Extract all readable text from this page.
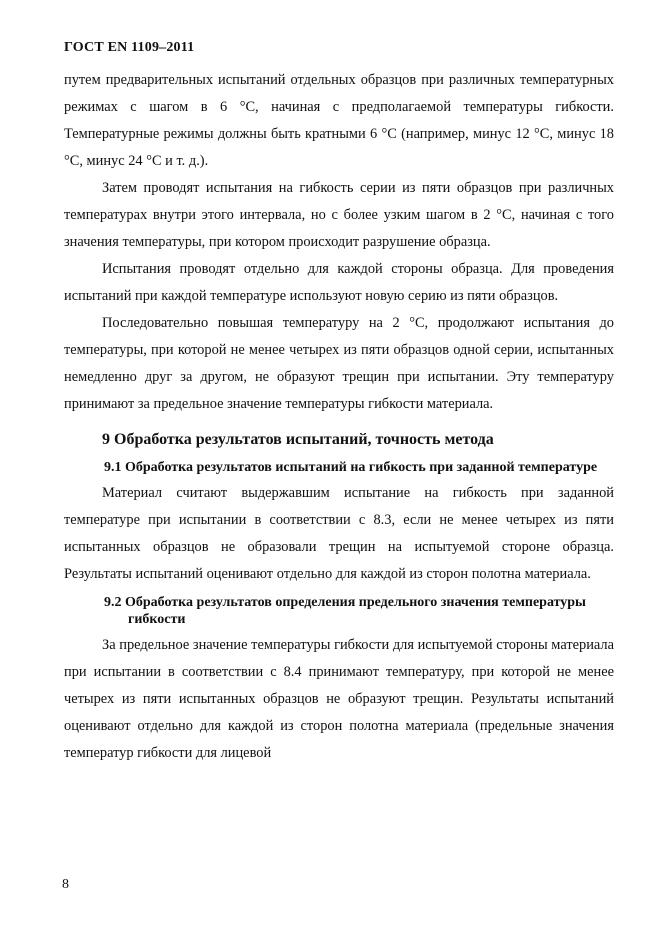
ГОСТ EN 1109–2011

путем предварительных испытаний отдельных образцов при различных температурных режимах с шагом в 6 °С, начиная с предполагаемой температуры гибкости. Температурные режимы должны быть кратными 6 °С (например, минус 12 °С, минус 18 °С, минус 24 °С и т. д.).

Затем проводят испытания на гибкость серии из пяти образцов при различных температурах внутри этого интервала, но с более узким шагом в 2 °С, начиная с того значения температуры, при котором происходит разрушение образца.

Испытания проводят отдельно для каждой стороны образца. Для проведения испытаний при каждой температуре используют новую серию из пяти образцов.

Последовательно повышая температуру на 2 °С, продолжают испытания до температуры, при которой не менее четырех из пяти образцов одной серии, испытанных немедленно друг за другом, не образуют трещин при испытании. Эту температуру принимают за предельное значение температуры гибкости материала.

9 Обработка результатов испытаний, точность метода
9.1 Обработка результатов испытаний на гибкость при заданной температуре

Материал считают выдержавшим испытание на гибкость при заданной температуре при испытании в соответствии с 8.3, если не менее четырех из пяти испытанных образцов не образовали трещин на испытуемой стороне образца. Результаты испытаний оценивают отдельно для каждой из сторон полотна материала.

9.2 Обработка результатов определения предельного значения температуры гибкости

За предельное значение температуры гибкости для испытуемой стороны материала при испытании в соответствии с 8.4 принимают температуру, при которой не менее четырех из пяти испытанных образцов не образуют трещин. Результаты испытаний оценивают отдельно для каждой из сторон полотна материала (предельные значения температур гибкости для лицевой

8
